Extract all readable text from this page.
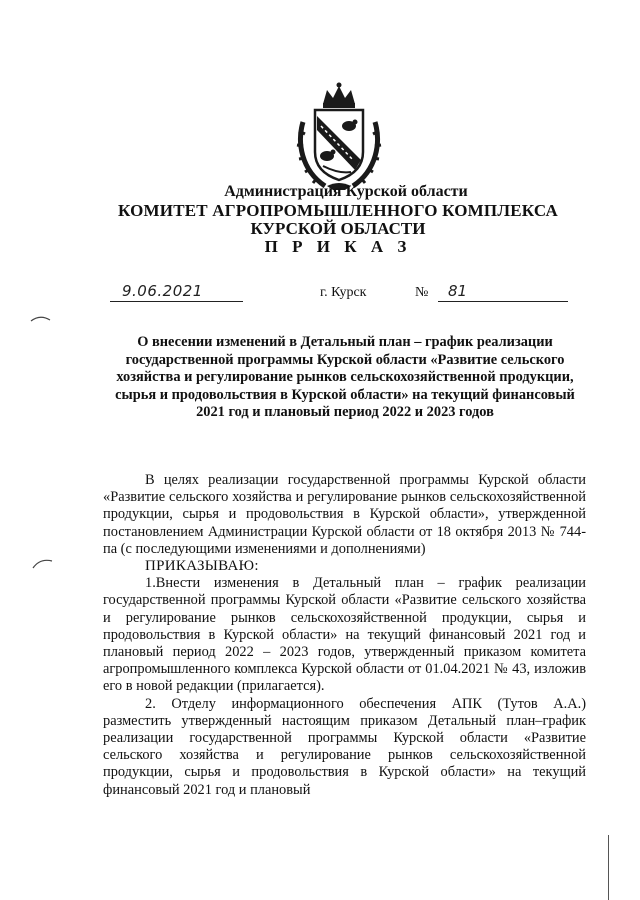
Администрация Курской области
КОМИТЕТ АГРОПРОМЫШЛЕННОГО КОМПЛЕКСА
КУРСКОЙ ОБЛАСТИ
П Р И К А З
9.06.2021	г. Курск	№ 81
О внесении изменений в Детальный план – график реализации государственной программы Курской области «Развитие сельского хозяйства и регулирование рынков сельскохозяйственной продукции, сырья и продовольствия в Курской области» на текущий финансовый 2021 год и плановый период 2022 и 2023 годов

В целях реализации государственной программы Курской области «Развитие сельского хозяйства и регулирование рынков сельскохозяйственной продукции, сырья и продовольствия в Курской области», утвержденной постановлением Администрации Курской области от 18 октября 2013 № 744-па (с последующими изменениями и дополнениями)

ПРИКАЗЫВАЮ:

1.Внести изменения в Детальный план – график реализации государственной программы Курской области «Развитие сельского хозяйства и регулирование рынков сельскохозяйственной продукции, сырья и продовольствия в Курской области» на текущий финансовый 2021 год и плановый период 2022 – 2023 годов, утвержденный приказом комитета агропромышленного комплекса Курской области от 01.04.2021 № 43, изложив его в новой редакции (прилагается).

2. Отделу информационного обеспечения АПК (Тутов А.А.) разместить утвержденный настоящим приказом Детальный план–график реализации государственной программы Курской области «Развитие сельского хозяйства и регулирование рынков сельскохозяйственной продукции, сырья и продовольствия в Курской области» на текущий финансовый 2021 год и плановый
